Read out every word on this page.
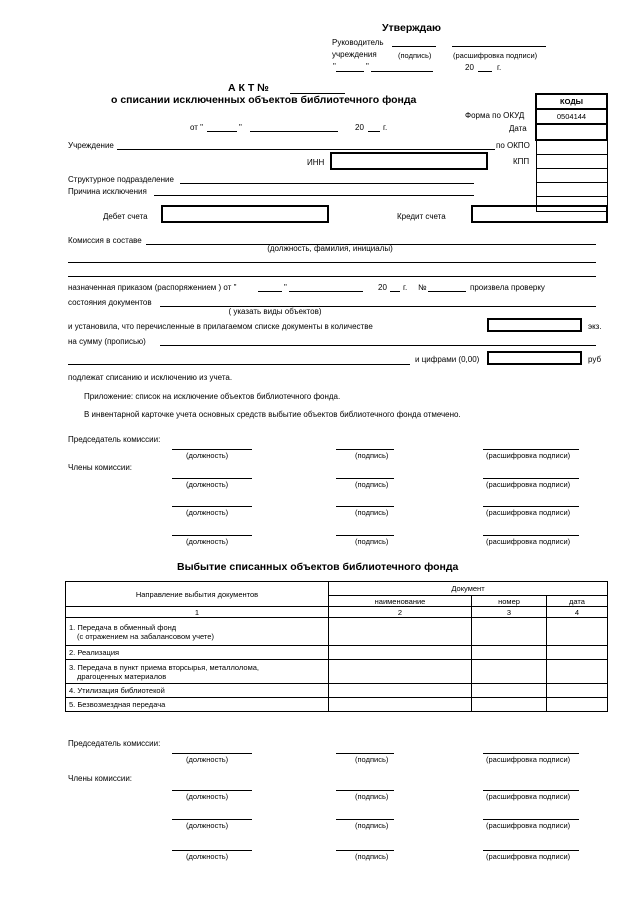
Утверждаю
Руководитель
учреждения	(подпись)	(расшифровка подписи)
"	"	20	г.
А К Т №
о списании исключенных объектов библиотечного фонда
от "	"	20 г.
КОДЫ
0504144

Форма по ОКУД
Дата
по ОКПО
КПП
Учреждение
ИНН
Структурное подразделение
Причина исключения
Дебет счета	Кредит счета
Комиссия в составе
(должность, фамилия, инициалы)
назначенная приказом (распоряжением ) от "	"	20 г. №	произвела проверку
состояния документов
( указать виды объектов)
и установила, что перечисленные в прилагаемом списке документы в количестве	экз.
на сумму (прописью)
и цифрами (0,00)	руб
подлежат списанию и исключению из учета.
Приложение: список на исключение объектов библиотечного фонда.
В инвентарной карточке учета основных средств выбытие объектов библиотечного фонда отмечено.
Председатель комиссии:
(должность)	(подпись)	(расшифровка подписи)
Члены комиссии:
(должность)	(подпись)	(расшифровка подписи)
(должность)	(подпись)	(расшифровка подписи)
(должность)	(подпись)	(расшифровка подписи)
Выбытие списанных объектов библиотечного фонда
Направление выбытия документов	Документ		
	наименование	номер	дата
1	2	3	4

1. Передача в обменный фонд
(с отражением на забалансовом учете)			

2. Реализация			

3. Передача в пункт приема вторсырья, металлолома,
драгоценных материалов			

4. Утилизация библиотекой			

5. Безвозмездная передача			

Председатель комиссии:
(должность)	(подпись)	(расшифровка подписи)
Члены комиссии:
(должность)	(подпись)	(расшифровка подписи)
(должность)	(подпись)	(расшифровка подписи)
(должность)	(подпись)	(расшифровка подписи)
